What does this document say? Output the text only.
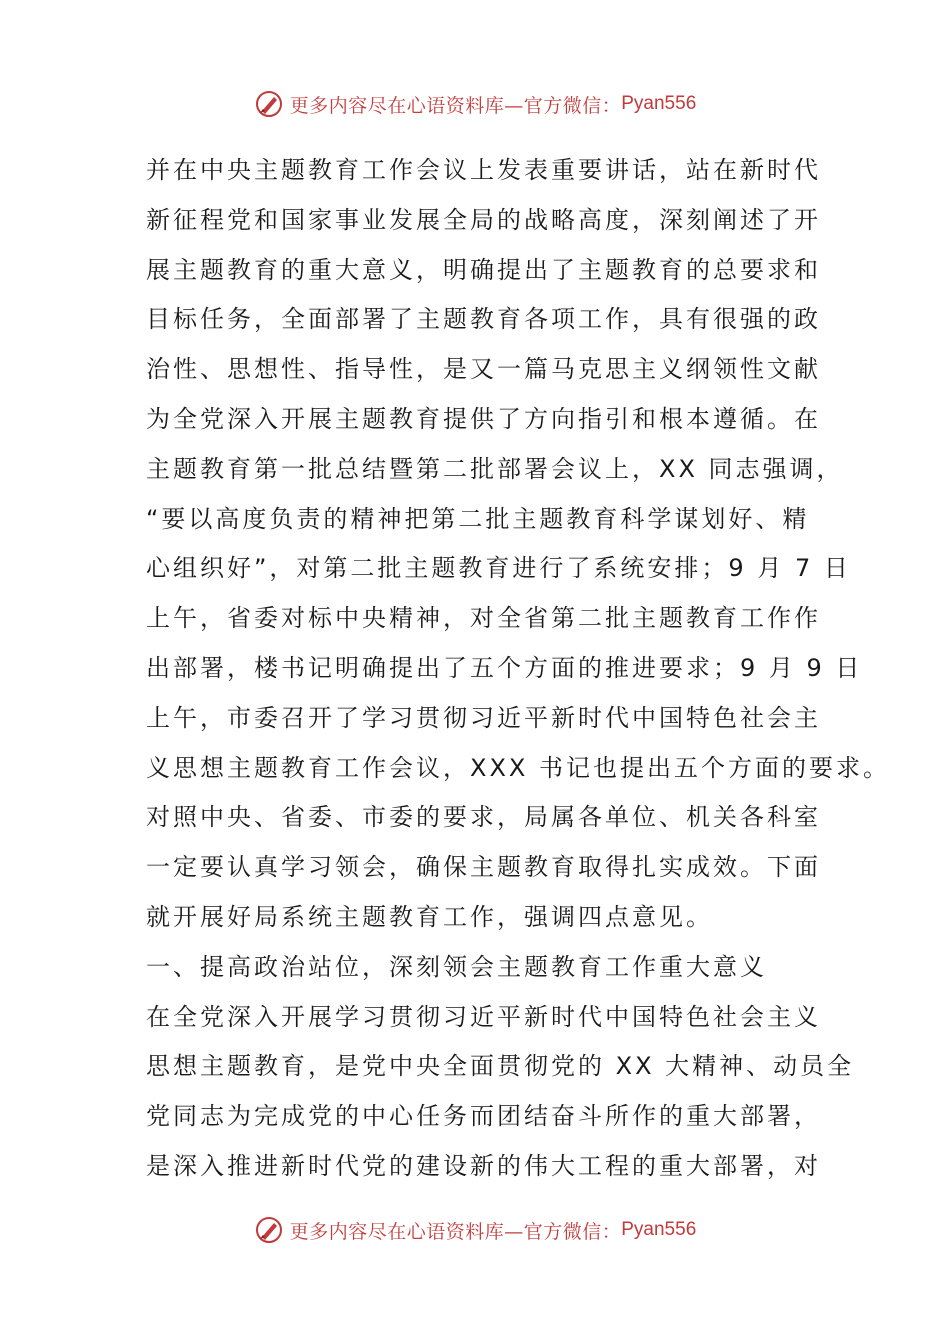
更多内容尽在心语资料库—官方微信： Pyan556
并在中央主题教育工作会议上发表重要讲话，站在新时代
新征程党和国家事业发展全局的战略高度，深刻阐述了开
展主题教育的重大意义，明确提出了主题教育的总要求和
目标任务，全面部署了主题教育各项工作，具有很强的政
治性、思想性、指导性，是又一篇马克思主义纲领性文献
为全党深入开展主题教育提供了方向指引和根本遵循。在
主题教育第一批总结暨第二批部署会议上，XX 同志强调，
“要以高度负责的精神把第二批主题教育科学谋划好、精
心组织好”，对第二批主题教育进行了系统安排；9 月 7 日
上午，省委对标中央精神，对全省第二批主题教育工作作
出部署，楼书记明确提出了五个方面的推进要求；9 月 9 日
上午，市委召开了学习贯彻习近平新时代中国特色社会主
义思想主题教育工作会议，XXX 书记也提出五个方面的要求。
对照中央、省委、市委的要求，局属各单位、机关各科室
一定要认真学习领会，确保主题教育取得扎实成效。下面
就开展好局系统主题教育工作，强调四点意见。
一、提高政治站位，深刻领会主题教育工作重大意义
在全党深入开展学习贯彻习近平新时代中国特色社会主义
思想主题教育，是党中央全面贯彻党的 XX 大精神、动员全
党同志为完成党的中心任务而团结奋斗所作的重大部署，
是深入推进新时代党的建设新的伟大工程的重大部署，对
更多内容尽在心语资料库—官方微信： Pyan556
